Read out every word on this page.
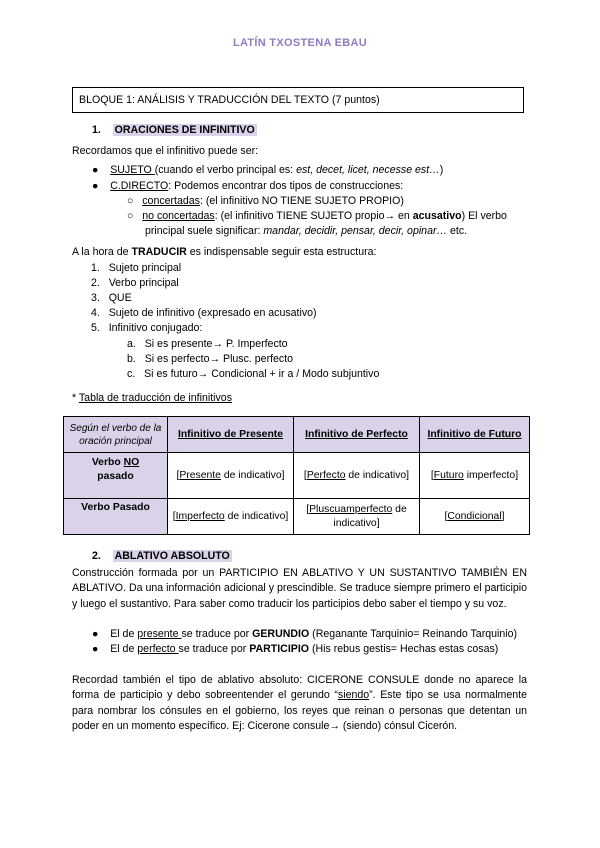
LATÍN TXOSTENA EBAU
BLOQUE 1: ANÁLISIS Y TRADUCCIÓN DEL TEXTO (7 puntos)
1. ORACIONES DE INFINITIVO
Recordamos que el infinitivo puede ser:
● SUJETO (cuando el verbo principal es: est, decet, licet, necesse est…)
● C.DIRECTO: Podemos encontrar dos tipos de construcciones:
○ concertadas: (el infinitivo NO TIENE SUJETO PROPIO)
○ no concertadas: (el infinitivo TIENE SUJETO propio→ en acusativo) El verbo
principal suele significar: mandar, decidir, pensar, decir, opinar… etc.
A la hora de TRADUCIR es indispensable seguir esta estructura:
1. Sujeto principal
2. Verbo principal
3. QUE
4. Sujeto de infinitivo (expresado en acusativo)
5. Infinitivo conjugado:
a. Si es presente→ P. Imperfecto
b. Si es perfecto→ Plusc. perfecto
c. Si es futuro→ Condicional + ir a / Modo subjuntivo
* Tabla de traducción de infinitivos
Según el verbo de la oración principal	Infinitivo de Presente	Infinitivo de Perfecto	Infinitivo de Futuro
Verbo NO
pasado	[Presente de indicativo]	[Perfecto de indicativo]	[Futuro imperfecto]
Verbo Pasado	[Imperfecto de indicativo]	[Pluscuamperfecto de indicativo]	[Condicional]
2. ABLATIVO ABSOLUTO
Construcción formada por un PARTICIPIO EN ABLATIVO Y UN SUSTANTIVO TAMBIÉN EN ABLATIVO. Da una información adicional y prescindible. Se traduce siempre primero el participio y luego el sustantivo. Para saber como traducir los participios debo saber el tiempo y su voz.
● El de presente se traduce por GERUNDIO (Reganante Tarquinio= Reinando Tarquinio)
● El de perfecto se traduce por PARTICIPIO (His rebus gestis= Hechas estas cosas)
Recordad también el tipo de ablativo absoluto: CICERONE CONSULE donde no aparece la forma de participio y debo sobreentender el gerundo “siendo”. Este tipo se usa normalmente para nombrar los cónsules en el gobierno, los reyes que reinan o personas que detentan un poder en un momento específico. Ej: Cicerone consule→ (siendo) cónsul Cicerón.
